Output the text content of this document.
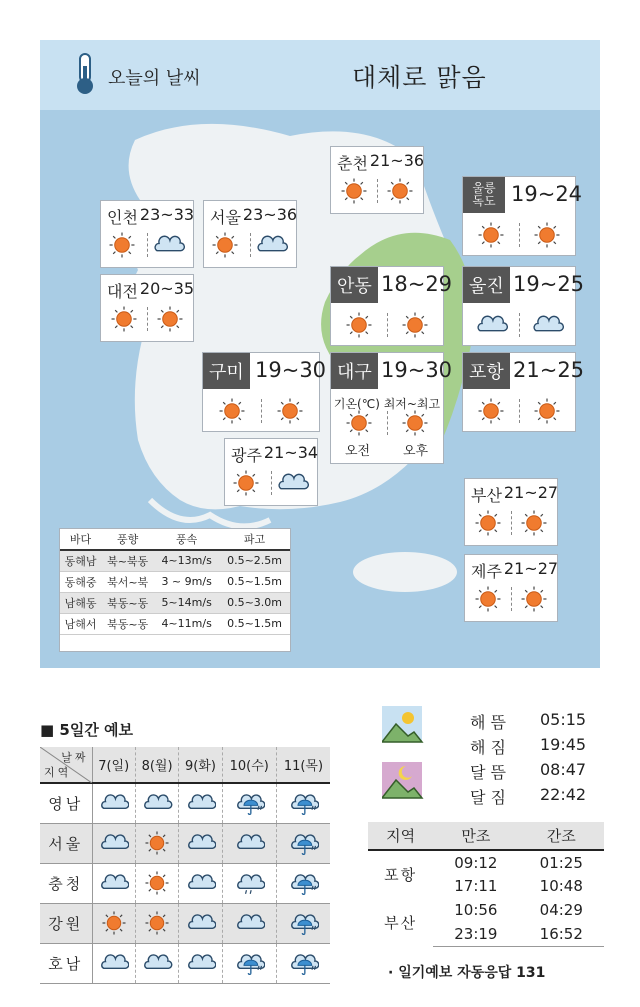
오늘의 날씨	대체로 맑음
인천 23~33 서울 23~36
춘천 21~36
대전 20~35
광주 21~34
부산 21~27
제주 21~27
울릉
독도 19~24
안동 18~29 울진 19~25
구미 19~30 대구 19~30
기온(℃) 최저~최고
오전	오후
포항 21~25
바다	풍향	풍속	파고
동해남	북~북동	4~13m/s	0.5~2.5m
동해중	북서~북	3 ~ 9m/s	0.5~1.5m
남해동	북동~동	5~14m/s	0.5~3.0m
남해서	북동~동	4~11m/s	0.5~1.5m
■ 5일간 예보
날짜
지역	7(일)	8(월)	9(화)	10(수)	11(목)
영남	

서울	

충청	

강원	

호남	

해 뜸 05:15
해 짐 19:45
달 뜸 08:47
달 짐 22:42
지역	만조	간조
포항	09:12	01:25
	17:11	10:48
부산	10:56	04:29
	23:19	16:52
· 일기예보 자동응답 131
